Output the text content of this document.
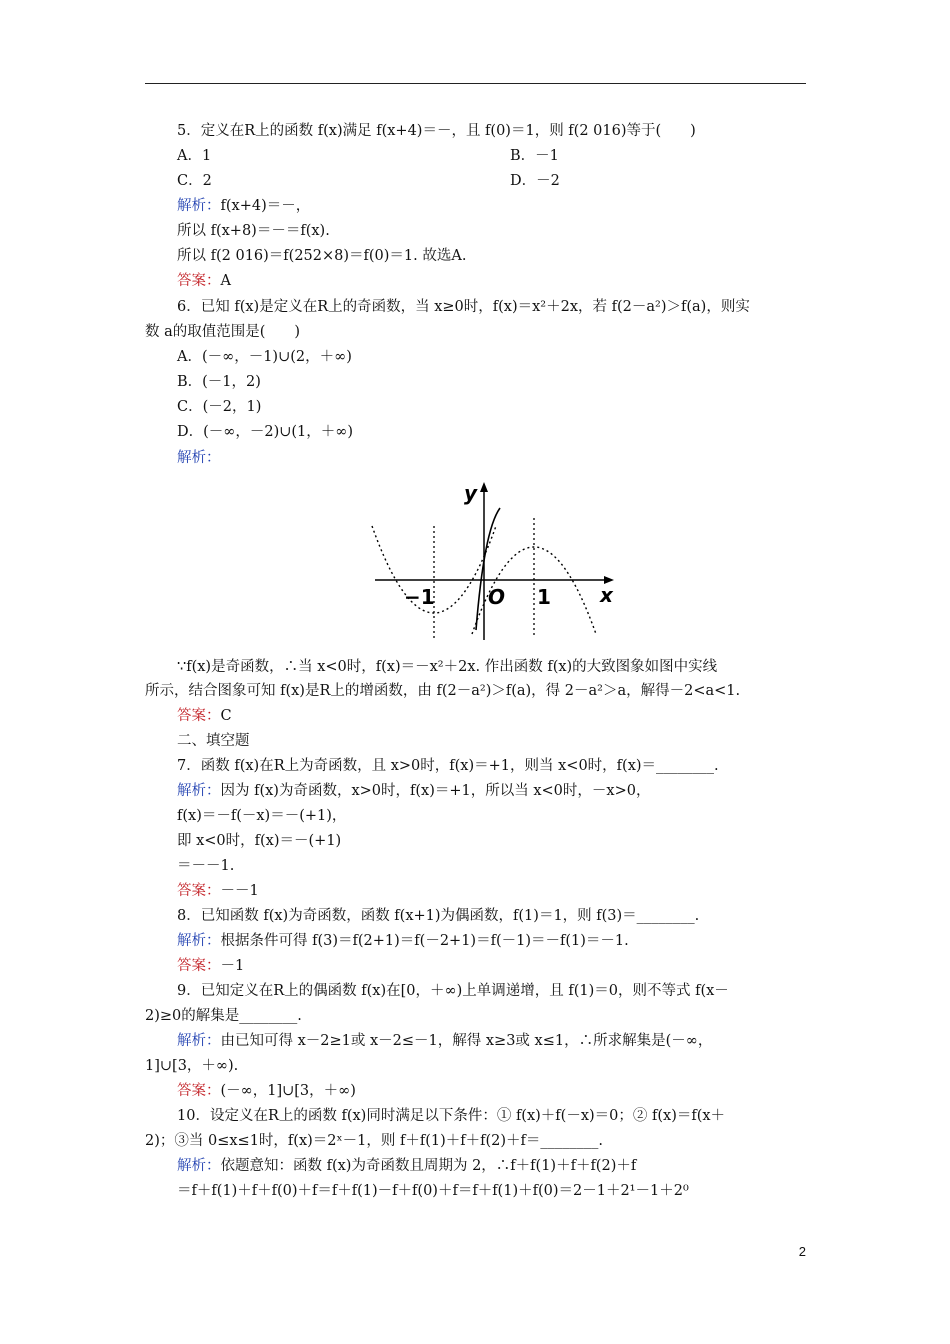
5．定义在R上的函数 f(x)满足 f(x+4)＝－，且 f(0)＝1，则 f(2 016)等于(　　)
A．1	B．－1
C．2	D．－2
解析：f(x+4)＝－，
所以 f(x+8)＝－＝f(x).
所以 f(2 016)＝f(252×8)＝f(0)＝1. 故选A.
答案：A
6．已知 f(x)是定义在R上的奇函数，当 x≥0时，f(x)＝x²＋2x，若 f(2－a²)＞f(a)，则实
数 a的取值范围是(　　)
A．(－∞，－1)∪(2，＋∞)
B．(－1，2)
C．(－2，1)
D．(－∞，－2)∪(1，＋∞)
解析：
y
x
O
−1	1
∵f(x)是奇函数，∴当 x<0时，f(x)＝－x²＋2x. 作出函数 f(x)的大致图象如图中实线
所示，结合图象可知 f(x)是R上的增函数，由 f(2－a²)＞f(a)，得 2－a²＞a，解得－2<a<1.
答案：C
二、填空题
7．函数 f(x)在R上为奇函数，且 x>0时，f(x)＝+1，则当 x<0时，f(x)＝________.
解析：因为 f(x)为奇函数，x>0时，f(x)＝+1，所以当 x<0时，－x>0，
f(x)＝－f(－x)＝－(+1)，
即 x<0时，f(x)＝－(+1)
＝－－1.
答案：－－1
8．已知函数 f(x)为奇函数，函数 f(x+1)为偶函数，f(1)＝1，则 f(3)＝________.
解析：根据条件可得 f(3)＝f(2+1)＝f(－2+1)＝f(－1)＝－f(1)＝－1.
答案：－1
9．已知定义在R上的偶函数 f(x)在[0，＋∞)上单调递增，且 f(1)＝0，则不等式 f(x－
2)≥0的解集是________.
解析：由已知可得 x－2≥1或 x－2≤－1，解得 x≥3或 x≤1，∴所求解集是(－∞，
1]∪[3，＋∞).
答案：(－∞，1]∪[3，＋∞)
10．设定义在R上的函数 f(x)同时满足以下条件：① f(x)＋f(－x)＝0；② f(x)＝f(x＋
2)；③当 0≤x≤1时，f(x)＝2ˣ－1，则 f＋f(1)＋f＋f(2)＋f＝________.
解析：依题意知：函数 f(x)为奇函数且周期为 2，∴f＋f(1)＋f＋f(2)＋f
＝f＋f(1)＋f＋f(0)＋f＝f＋f(1)－f＋f(0)＋f＝f＋f(1)＋f(0)＝2－1＋2¹－1＋2⁰
2
